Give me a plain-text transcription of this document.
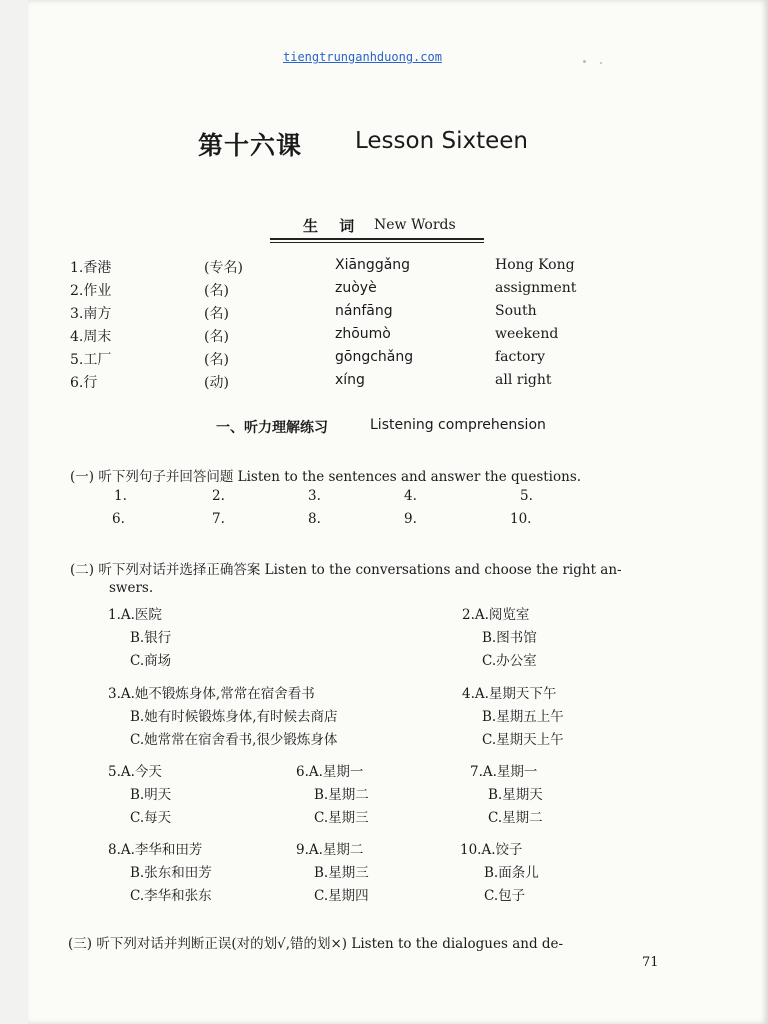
tiengtrunganhduong.com
第十六课 Lesson Sixteen
生 词 New Words
1.香港	(专名)	Xiānggǎng	Hong Kong
2.作业	(名)	zuòyè	assignment
3.南方	(名)	nánfāng	South
4.周末	(名)	zhōumò	weekend
5.工厂	(名)	gōngchǎng	factory
6.行	(动)	xíng	all right
一、听力理解练习	Listening comprehension
(一) 听下列句子并回答问题 Listen to the sentences and answer the questions.
1.	2.	3.	4.	5.
6.	7.	8.	9.	10.
(二) 听下列对话并选择正确答案 Listen to the conversations and choose the right an-
swers.
1.A.医院
B.银行
C.商场
2.A.阅览室
B.图书馆
C.办公室
3.A.她不锻炼身体,常常在宿舍看书
B.她有时候锻炼身体,有时候去商店
C.她常常在宿舍看书,很少锻炼身体
4.A.星期天下午
B.星期五上午
C.星期天上午
5.A.今天
B.明天
C.每天
6.A.星期一
B.星期二
C.星期三
7.A.星期一
B.星期天
C.星期二
8.A.李华和田芳
B.张东和田芳
C.李华和张东
9.A.星期二
B.星期三
C.星期四
10.A.饺子
B.面条儿
C.包子
(三) 听下列对话并判断正误(对的划√,错的划×) Listen to the dialogues and de-
71
